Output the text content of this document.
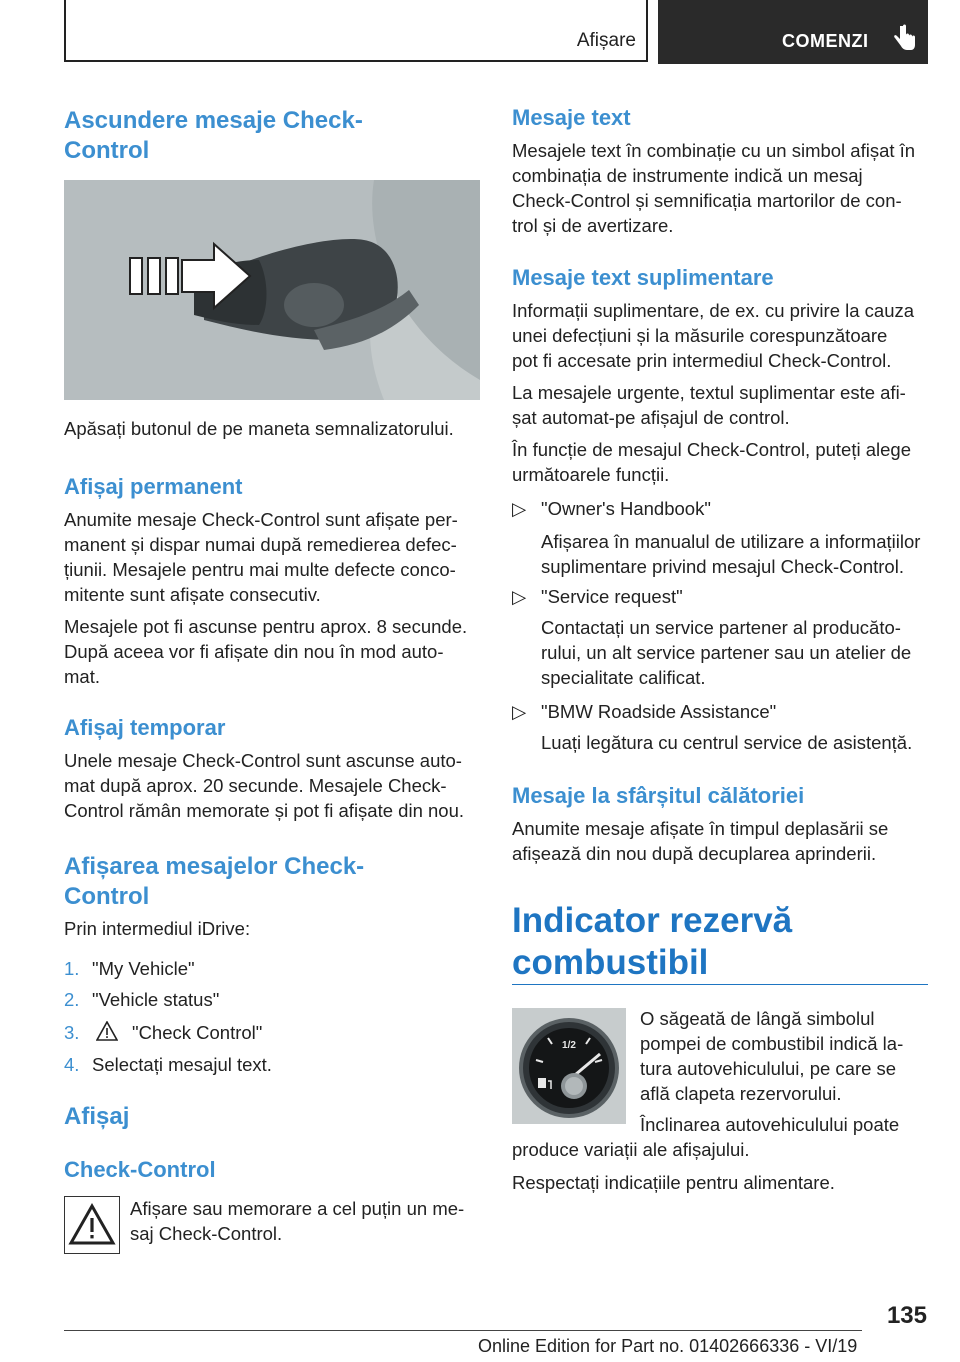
Afișare	COMENZI
Ascundere mesaje Check-
Control
Apăsați butonul de pe maneta semnalizatorului.
Afișaj permanent
Anumite mesaje Check-Control sunt afișate per-
manent și dispar numai după remedierea defec-
țiunii. Mesajele pentru mai multe defecte conco-
mitente sunt afișate consecutiv.
Mesajele pot fi ascunse pentru aprox. 8 secunde.
După aceea vor fi afișate din nou în mod auto-
mat.
Afișaj temporar
Unele mesaje Check-Control sunt ascunse auto-
mat după aprox. 20 secunde. Mesajele Check-
Control rămân memorate și pot fi afișate din nou.
Afișarea mesajelor Check-
Control
Prin intermediul iDrive:
1. "My Vehicle"
2. "Vehicle status"
3.	"Check Control"
4. Selectați mesajul text.
Afișaj
Check-Control
Afișare sau memorare a cel puțin un me-
saj Check-Control.
Mesaje text
Mesajele text în combinație cu un simbol afișat în
combinația de instrumente indică un mesaj
Check-Control și semnificația martorilor de con-
trol și de avertizare.
Mesaje text suplimentare
Informații suplimentare, de ex. cu privire la cauza
unei defecțiuni și la măsurile corespunzătoare
pot fi accesate prin intermediul Check-Control.
La mesajele urgente, textul suplimentar este afi-
șat automat-pe afișajul de control.
În funcție de mesajul Check-Control, puteți alege
următoarele funcții.
▷ "Owner's Handbook"
Afișarea în manualul de utilizare a informațiilor
suplimentare privind mesajul Check-Control.
▷ "Service request"
Contactați un service partener al producăto-
rului, un alt service partener sau un atelier de
specialitate calificat.
▷ "BMW Roadside Assistance"
Luați legătura cu centrul service de asistență.
Mesaje la sfârșitul călătoriei
Anumite mesaje afișate în timpul deplasării se
afișează din nou după decuplarea aprinderii.
Indicator rezervă
combustibil
1/2
O săgeată de lângă simbolul
pompei de combustibil indică la-
tura autovehiculului, pe care se
află clapeta rezervorului.
Înclinarea autovehiculului poate
produce variații ale afișajului.
Respectați indicațiile pentru alimentare.
135
Online Edition for Part no. 01402666336 - VI/19
